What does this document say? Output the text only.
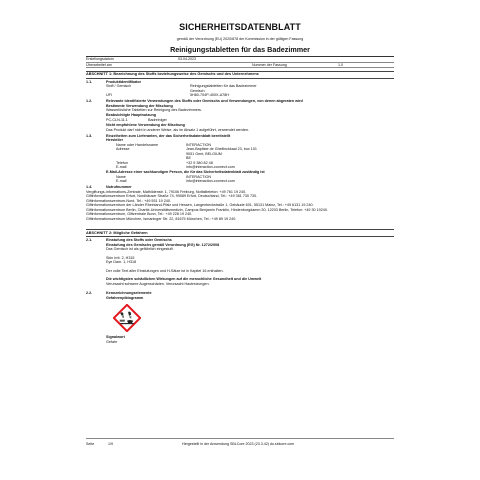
SICHERHEITSDATENBLATT
gemäß der Verordnung (EU) 2020/878 der Kommission in der gültigen Fassung
Reinigungstabletten für das Badezimmer
Erstellungsdatum	03.04.2023
Überarbeitet am	Nummer der Fassung	1.0
ABSCHNITT 1: Bezeichnung des Stoffs beziehungsweise des Gemischs und des Unternehmens
1.1.	Produktidentifikator
Stoff / Gemisch	Reinigungstabletten für das Badezimmer
Gemisch
UFI	5H60-704P-400X-A78H
1.2.	Relevante identifizierte Verwendungen des Stoffs oder Gemischs und Verwendungen, von denen abgeraten wird
Bestimmte Verwendung der Mischung
Wasserlösliche Tabletten zur Reinigung des Badezimmers.
Beabsichtigte Hauptnutzung
PC-CLN-11.1	Badreiniger
Nicht empfohlene Verwendung der Mischung
Das Produkt darf nicht in anderer Weise, als im Absatz 1 aufgeführt, verwendet werden.
1.3.	Einzelheiten zum Lieferanten, der das Sicherheitsdatenblatt bereitstellt
Hersteller
Name oder Handelsname	INTERACTION
Adresse	Jean-Baptiste de Ghellinckkaai 23, box 101
9051 Gent, BELGIUM
BE
Telefon	+32 9 380 82 48
E-mail	info@interaction-connect.com
E-Mail-Adresse einer sachkundigen Person, die für das Sicherheitsdatenblatt zuständig ist
Name	INTERACTION
E-mail	info@interaction-connect.com
1.4.	Notrufnummer
Vergiftungs-Informations-Zentrale, Mathildenstr. 1, 79106 Freiburg, Notfalltelefon: +49 761 19 240.
Giftinformationszentrum Erfurt, Nordhäuser Straße 74, 99089 Erfurt, Deutschland, Tel.: +49 361 730 730.
Giftinformationszentrum-Nord, Tel.: +49 551 19 240.
Giftinformationszentrum der Länder Rheinland-Pfalz und Hessen, Langenbeckstraße 1, Gebäude 601, 55131 Mainz, Tel.: +49 6131 19 240.
Giftinformationszentrum Berlin, Charité-Universitätsmedizin, Campus Benjamin Franklin, Hindenburgdamm 30, 12203 Berlin, Telefon: +49 30 19240.
Giftinformationszentrum, Giftzentrale Bonn, Tel.: +49 228 19 240.
Giftinformationszentrum München, Ismaninger Str. 22, 81675 München, Tel.: +49 89 19 240.
ABSCHNITT 2: Mögliche Gefahren
2.1.	Einstufung des Stoffs oder Gemischs
Einstufung des Gemischs gemäß Verordnung (EG) Nr. 1272/2008
Das Gemisch ist als gefährlich eingestuft.
Skin Irrit. 2, H315
Eye Dam. 1, H318
Der volle Text aller Einstufungen und H-Sätze ist in Kapitel 16 enthalten.
Die wichtigsten schädlichen Wirkungen auf die menschliche Gesundheit und die Umwelt
Verursacht schwere Augenschäden. Verursacht Hautreizungen.
2.2.	Kennzeichnungselemente
Gefahrenpiktogramm
Signalwort
Gefahr
Seite	1/9	Hergestellt in der Anwendung SBLCore 2023 (23.3.42) do.sblcore.com
